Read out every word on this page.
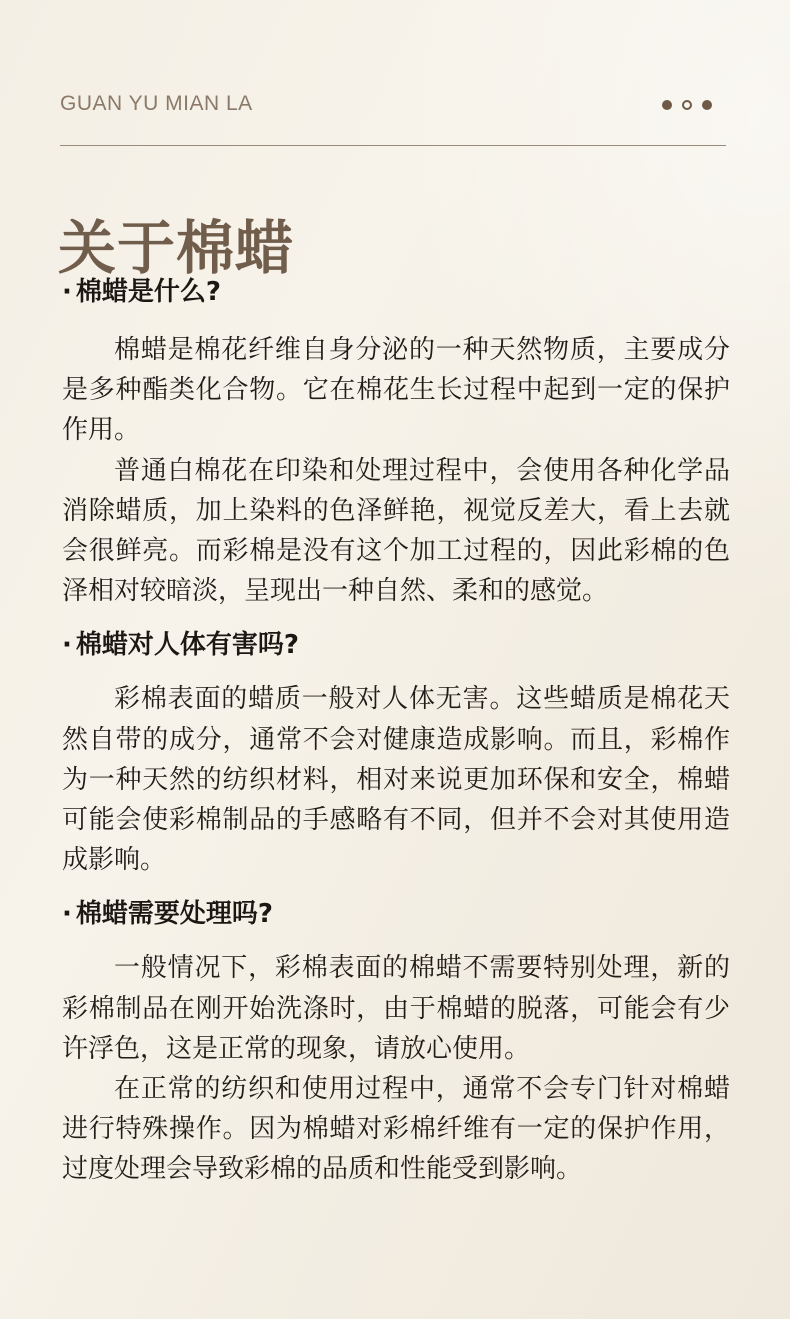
GUAN YU MIAN LA
关于棉蜡
· 棉蜡是什么?

棉蜡是棉花纤维自身分泌的一种天然物质，主要成分是多种酯类化合物。它在棉花生长过程中起到一定的保护作用。

普通白棉花在印染和处理过程中，会使用各种化学品消除蜡质，加上染料的色泽鲜艳，视觉反差大，看上去就会很鲜亮。而彩棉是没有这个加工过程的，因此彩棉的色泽相对较暗淡，呈现出一种自然、柔和的感觉。

· 棉蜡对人体有害吗?

彩棉表面的蜡质一般对人体无害。这些蜡质是棉花天然自带的成分，通常不会对健康造成影响。而且，彩棉作为一种天然的纺织材料，相对来说更加环保和安全，棉蜡可能会使彩棉制品的手感略有不同，但并不会对其使用造成影响。

· 棉蜡需要处理吗?

一般情况下，彩棉表面的棉蜡不需要特别处理，新的彩棉制品在刚开始洗涤时，由于棉蜡的脱落，可能会有少许浮色，这是正常的现象，请放心使用。

在正常的纺织和使用过程中，通常不会专门针对棉蜡进行特殊操作。因为棉蜡对彩棉纤维有一定的保护作用，过度处理会导致彩棉的品质和性能受到影响。
